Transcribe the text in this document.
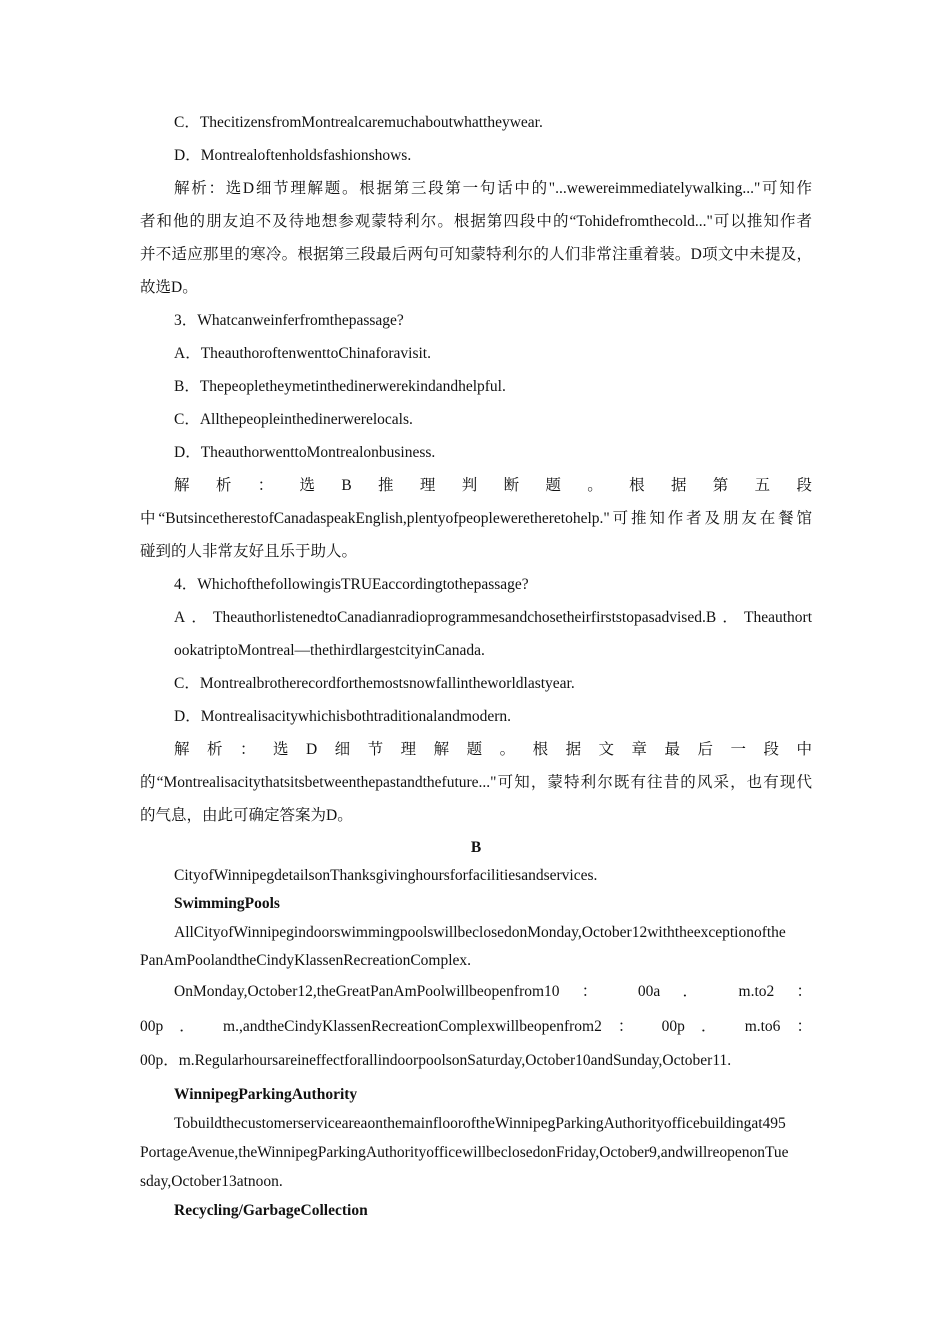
C．ThecitizensfromMontrealcaremuchaboutwhattheywear.
D．Montrealoftenholdsfashionshows.
解析：选D细节理解题。根据第三段第一句话中的"...wewereimmediatelywalking..."可知作
者和他的朋友迫不及待地想参观蒙特利尔。根据第四段中的“Tohidefromthecold..."可以推知作者
并不适应那里的寒冷。根据第三段最后两句可知蒙特利尔的人们非常注重着装。D项文中未提及，
故选D。
3．Whatcanweinferfromthepassage?
A．TheauthoroftenwenttoChinaforavisit.
B．Thepeopletheymetinthedinerwerekindandhelpful.
C．Allthepeopleinthedinerwerelocals.
D．TheauthorwenttoMontrealonbusiness.
解析：选B推理判断题。根据第五段
中“ButsincetherestofCanadaspeakEnglish,plentyofpeopleweretheretohelp."可推知作者及朋友在餐馆
碰到的人非常友好且乐于助人。
4．WhichofthefollowingisTRUEaccordingtothepassage?
A．TheauthorlistenedtoCanadianradioprogrammesandchosetheirfirststopasadvised.B．Theauthort
ookatriptoMontreal—thethirdlargestcityinCanada.
C．Montrealbrotherecordforthemostsnowfallintheworldlastyear.
D．Montrealisacitywhichisbothtraditionalandmodern.
解析：选D细节理解题。根据文章最后一段中
的“Montrealisacitythatsitsbetweenthepastandthefuture..."可知，蒙特利尔既有往昔的风采，也有现代
的气息，由此可确定答案为D。
B
CityofWinnipegdetailsonThanksgivinghoursforfacilitiesandservices.
SwimmingPools
AllCityofWinnipegindoorswimmingpoolswillbeclosedonMonday,October12withtheexceptionofthe
PanAmPoolandtheCindyKlassenRecreationComplex.
OnMonday,October12,theGreatPanAmPoolwillbeopenfrom10 ： 00a ． m.to2 ：
00p ． m.,andtheCindyKlassenRecreationComplexwillbeopenfrom2 ： 00p ． m.to6 ：
00p．m.RegularhoursareineffectforallindoorpoolsonSaturday,October10andSunday,October11.
WinnipegParkingAuthority
TobuildthecustomerserviceareaonthemainflooroftheWinnipegParkingAuthorityofficebuildingat495
PortageAvenue,theWinnipegParkingAuthorityofficewillbeclosedonFriday,October9,andwillreopenonTue
sday,October13atnoon.
Recycling/GarbageCollection
